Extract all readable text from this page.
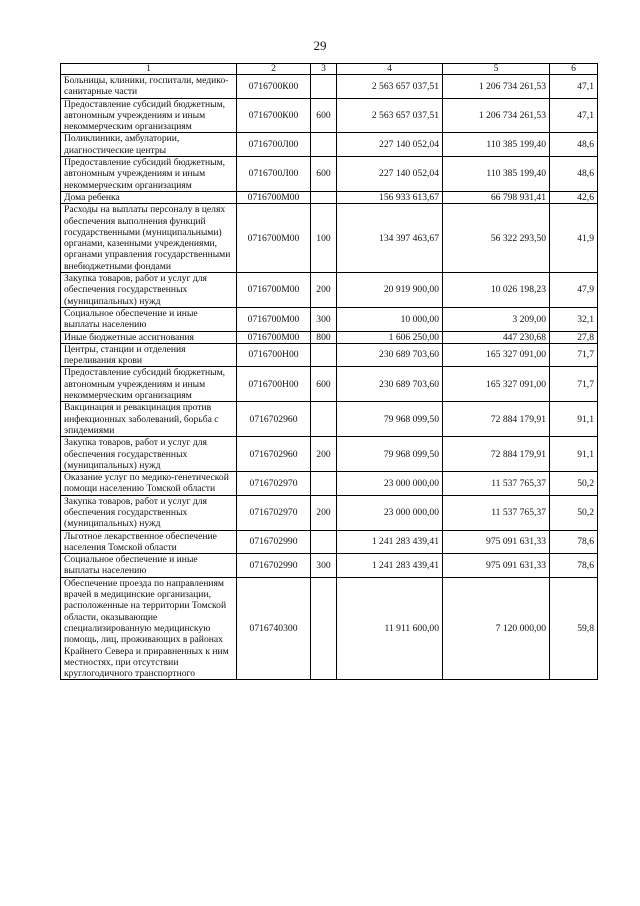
29
1	2	3	4	5	6
Больницы, клиники, госпитали, медико-санитарные части	0716700К00		2 563 657 037,51	1 206 734 261,53	47,1
Предоставление субсидий бюджетным, автономным учреждениям и иным некоммерческим организациям	0716700К00	600	2 563 657 037,51	1 206 734 261,53	47,1
Поликлиники, амбулатории, диагностические центры	0716700Л00		227 140 052,04	110 385 199,40	48,6
Предоставление субсидий бюджетным, автономным учреждениям и иным некоммерческим организациям	0716700Л00	600	227 140 052,04	110 385 199,40	48,6
Дома ребенка	0716700М00		156 933 613,67	66 798 931,41	42,6
Расходы на выплаты персоналу в целях обеспечения выполнения функций государственными (муниципальными) органами, казенными учреждениями, органами управления государственными внебюджетными фондами	0716700М00	100	134 397 463,67	56 322 293,50	41,9
Закупка товаров, работ и услуг для обеспечения государственных (муниципальных) нужд	0716700М00	200	20 919 900,00	10 026 198,23	47,9
Социальное обеспечение и иные выплаты населению	0716700М00	300	10 000,00	3 209,00	32,1
Иные бюджетные ассигнования	0716700М00	800	1 606 250,00	447 230,68	27,8
Центры, станции и отделения переливания крови	0716700Н00		230 689 703,60	165 327 091,00	71,7
Предоставление субсидий бюджетным, автономным учреждениям и иным некоммерческим организациям	0716700Н00	600	230 689 703,60	165 327 091,00	71,7
Вакцинация и ревакцинация против инфекционных заболеваний, борьба с эпидемиями	0716702960		79 968 099,50	72 884 179,91	91,1
Закупка товаров, работ и услуг для обеспечения государственных (муниципальных) нужд	0716702960	200	79 968 099,50	72 884 179,91	91,1
Оказание услуг по медико-генетической помощи населению Томской области	0716702970		23 000 000,00	11 537 765,37	50,2
Закупка товаров, работ и услуг для обеспечения государственных (муниципальных) нужд	0716702970	200	23 000 000,00	11 537 765,37	50,2
Льготное лекарственное обеспечение населения Томской области	0716702990		1 241 283 439,41	975 091 631,33	78,6
Социальное обеспечение и иные выплаты населению	0716702990	300	1 241 283 439,41	975 091 631,33	78,6
Обеспечение проезда по направлениям врачей в медицинские организации, расположенные на территории Томской области, оказывающие специализированную медицинскую помощь, лиц, проживающих в районах Крайнего Севера и приравненных к ним местностях, при отсутствии круглогодичного транспортного	0716740300		11 911 600,00	7 120 000,00	59,8
